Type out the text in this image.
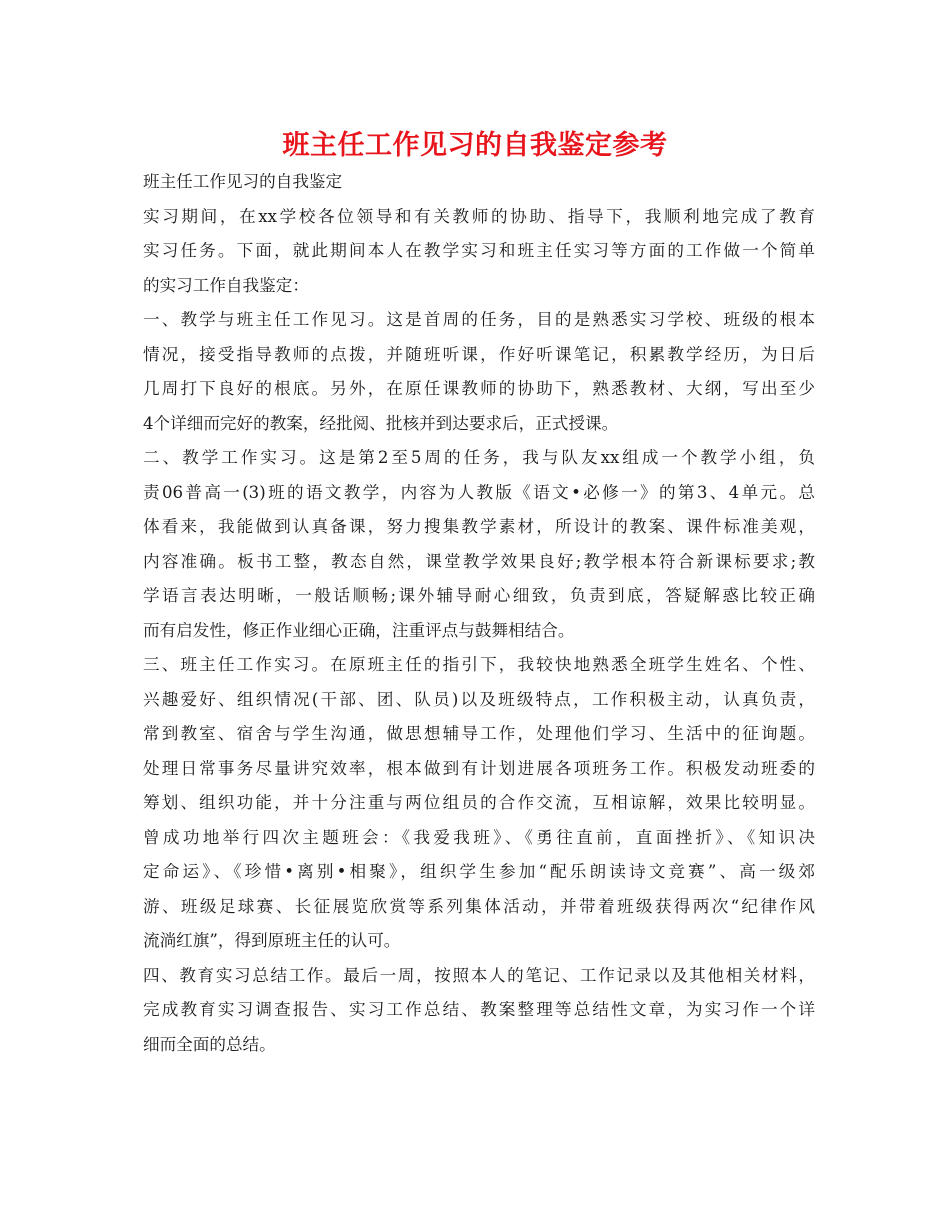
班主任工作见习的自我鉴定参考
班主任工作见习的自我鉴定
实习期间，在xx学校各位领导和有关教师的协助、指导下，我顺利地完成了教育
实习任务。下面，就此期间本人在教学实习和班主任实习等方面的工作做一个简单
的实习工作自我鉴定：
一、教学与班主任工作见习。这是首周的任务，目的是熟悉实习学校、班级的根本
情况，接受指导教师的点拨，并随班听课，作好听课笔记，积累教学经历，为日后
几周打下良好的根底。另外，在原任课教师的协助下，熟悉教材、大纲，写出至少
4个详细而完好的教案，经批阅、批核并到达要求后，正式授课。
二、教学工作实习。这是第2至5周的任务，我与队友xx组成一个教学小组，负
责06普高一(3)班的语文教学，内容为人教版《语文•必修一》的第3、4单元。总
体看来，我能做到认真备课，努力搜集教学素材，所设计的教案、课件标准美观，
内容准确。板书工整，教态自然，课堂教学效果良好;教学根本符合新课标要求;教
学语言表达明晰，一般话顺畅;课外辅导耐心细致，负责到底，答疑解惑比较正确
而有启发性，修正作业细心正确，注重评点与鼓舞相结合。
三、班主任工作实习。在原班主任的指引下，我较快地熟悉全班学生姓名、个性、
兴趣爱好、组织情况(干部、团、队员)以及班级特点，工作积极主动，认真负责，
常到教室、宿舍与学生沟通，做思想辅导工作，处理他们学习、生活中的征询题。
处理日常事务尽量讲究效率，根本做到有计划进展各项班务工作。积极发动班委的
筹划、组织功能，并十分注重与两位组员的合作交流，互相谅解，效果比较明显。
曾成功地举行四次主题班会：《我爱我班》、《勇往直前，直面挫折》、《知识决
定命运》、《珍惜•离别•相聚》，组织学生参加“配乐朗读诗文竞赛”、高一级郊
游、班级足球赛、长征展览欣赏等系列集体活动，并带着班级获得两次“纪律作风
流淌红旗”，得到原班主任的认可。
四、教育实习总结工作。最后一周，按照本人的笔记、工作记录以及其他相关材料，
完成教育实习调查报告、实习工作总结、教案整理等总结性文章，为实习作一个详
细而全面的总结。
